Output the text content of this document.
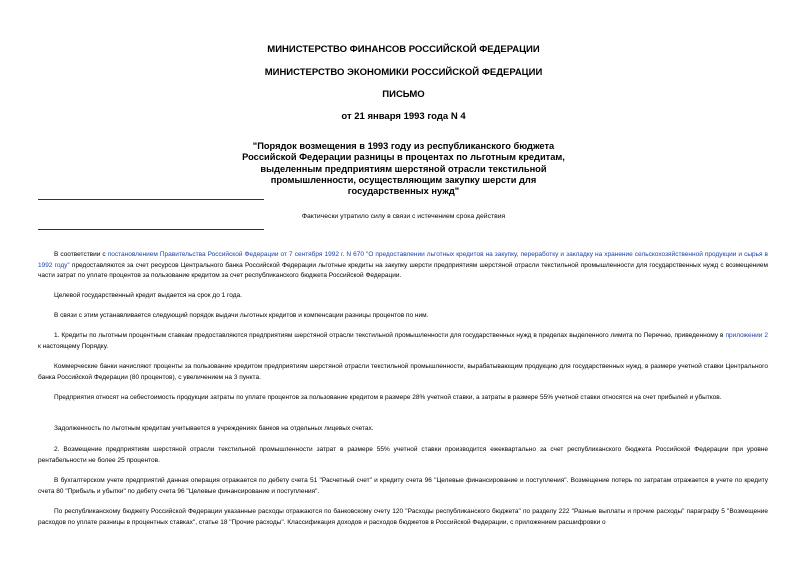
МИНИСТЕРСТВО ФИНАНСОВ РОССИЙСКОЙ ФЕДЕРАЦИИ
МИНИСТЕРСТВО ЭКОНОМИКИ РОССИЙСКОЙ ФЕДЕРАЦИИ
ПИСЬМО
от 21 января 1993 года N 4
"Порядок возмещения в 1993 году из республиканского бюджета Российской Федерации разницы в процентах по льготным кредитам, выделенным предприятиям шерстяной отрасли текстильной промышленности, осуществляющим закупку шерсти для государственных нужд"
Фактически утратило силу в связи с истечением срока действия

В соответствии с постановлением Правительства Российской Федерации от 7 сентября 1992 г. N 670 "О предоставлении льготных кредитов на закупку, переработку и закладку на хранение сельскохозяйственной продукции и сырья в 1992 году" предоставляются за счет ресурсов Центрального банка Российской Федерации льготные кредиты на закупку шерсти предприятиям шерстяной отрасли текстильной промышленности для государственных нужд с возмещением части затрат по уплате процентов за пользование кредитом за счет республиканского бюджета Российской Федерации.

Целевой государственный кредит выдается на срок до 1 года.

В связи с этим устанавливается следующий порядок выдачи льготных кредитов и компенсации разницы процентов по ним.

1. Кредиты по льготным процентным ставкам предоставляются предприятиям шерстяной отрасли текстильной промышленности для государственных нужд в пределах выделенного лимита по Перечню, приведенному в приложении 2 к настоящему Порядку.

Коммерческие банки начисляют проценты за пользование кредитом предприятиям шерстяной отрасли текстильной промышленности, вырабатывающим продукцию для государственных нужд, в размере учетной ставки Центрального банка Российской Федерации (80 процентов), с увеличением на 3 пункта.

Предприятия относят на себестоимость продукции затраты по уплате процентов за пользование кредитом в размере 28% учетной ставки, а затраты в размере 55% учетной ставки относятся на счет прибылей и убытков.

Задолженность по льготным кредитам учитывается в учреждениях банков на отдельных лицевых счетах.

2. Возмещение предприятиям шерстяной отрасли текстильной промышленности затрат в размере 55% учетной ставки производится ежеквартально за счет республиканского бюджета Российской Федерации при уровне рентабельности не более 25 процентов.

В бухгалтерском учете предприятий данная операция отражается по дебету счета 51 "Расчетный счет" и кредиту счета 96 "Целевые финансирование и поступления". Возмещение потерь по затратам отражается в учете по кредиту счета 80 "Прибыль и убытки" по дебету счета 96 "Целевые финансирование и поступления".

По республиканскому бюджету Российской Федерации указанные расходы отражаются по банковскому счету 120 "Расходы республиканского бюджета" по разделу 222 "Разные выплаты и прочие расходы" параграфу 5 "Возмещение расходов по уплате разницы в процентных ставках", статье 18 "Прочие расходы". Классификация доходов и расходов бюджетов в Российской Федерации, с приложением расшифровки о
